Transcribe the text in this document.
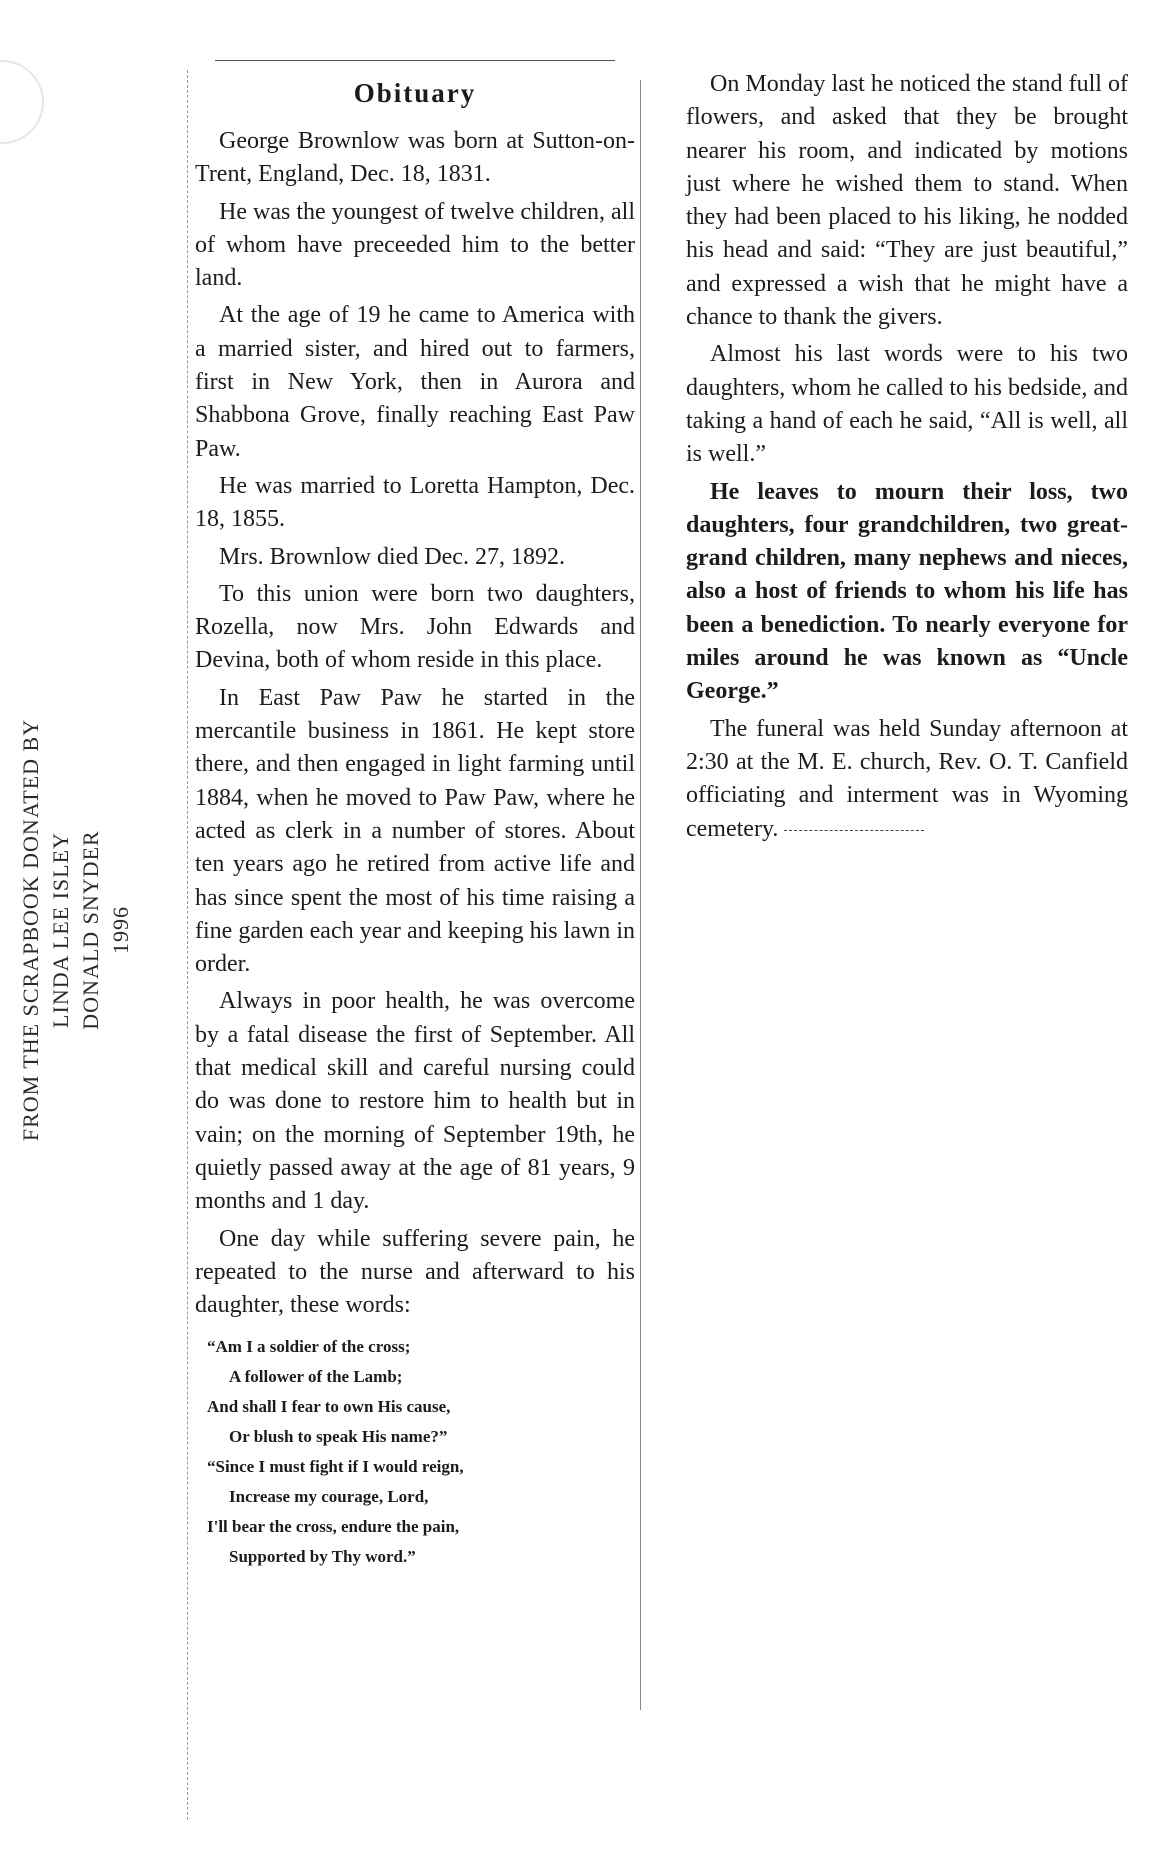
FROM THE SCRAPBOOK DONATED BY LINDA LEE ISLEY DONALD SNYDER 1996
Obituary

George Brownlow was born at Sutton-on-Trent, England, Dec. 18, 1831.

He was the youngest of twelve children, all of whom have preceeded him to the better land.

At the age of 19 he came to America with a married sister, and hired out to farmers, first in New York, then in Aurora and Shabbona Grove, finally reaching East Paw Paw.

He was married to Loretta Hampton, Dec. 18, 1855.

Mrs. Brownlow died Dec. 27, 1892.

To this union were born two daughters, Rozella, now Mrs. John Edwards and Devina, both of whom reside in this place.

In East Paw Paw he started in the mercantile business in 1861. He kept store there, and then engaged in light farming until 1884, when he moved to Paw Paw, where he acted as clerk in a number of stores. About ten years ago he retired from active life and has since spent the most of his time raising a fine garden each year and keeping his lawn in order.

Always in poor health, he was overcome by a fatal disease the first of September. All that medical skill and careful nursing could do was done to restore him to health but in vain; on the morning of September 19th, he quietly passed away at the age of 81 years, 9 months and 1 day.

One day while suffering severe pain, he repeated to the nurse and afterward to his daughter, these words:

“Am I a soldier of the cross;
A follower of the Lamb;
And shall I fear to own His cause,
Or blush to speak His name?”
“Since I must fight if I would reign,
Increase my courage, Lord,
I'll bear the cross, endure the pain,
Supported by Thy word.”

On Monday last he noticed the stand full of flowers, and asked that they be brought nearer his room, and indicated by motions just where he wished them to stand. When they had been placed to his liking, he nodded his head and said: “They are just beautiful,” and expressed a wish that he might have a chance to thank the givers.

Almost his last words were to his two daughters, whom he called to his bedside, and taking a hand of each he said, “All is well, all is well.”

He leaves to mourn their loss, two daughters, four grandchildren, two great-grand children, many nephews and nieces, also a host of friends to whom his life has been a benediction. To nearly everyone for miles around he was known as “Uncle George.”

The funeral was held Sunday afternoon at 2:30 at the M. E. church, Rev. O. T. Canfield officiating and interment was in Wyoming cemetery.
